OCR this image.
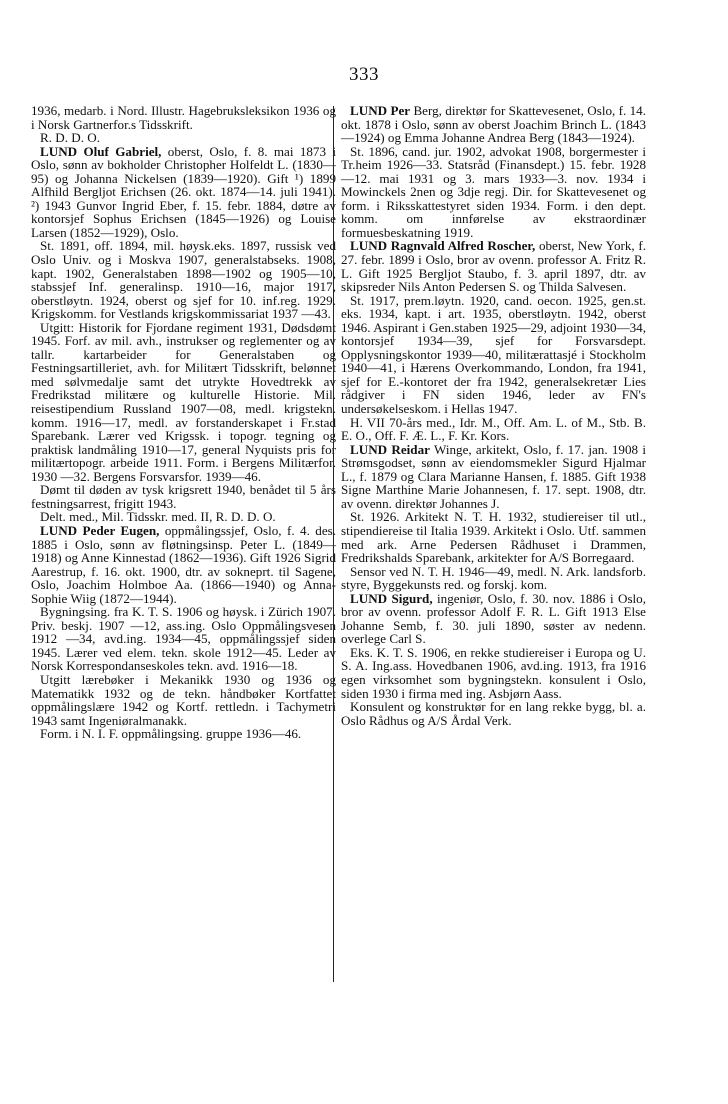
333

1936, medarb. i Nord. Illustr. Hagebruksleksikon 1936 og i Norsk Gartnerfor.s Tidsskrift.

R. D. D. O.

LUND Oluf Gabriel, oberst, Oslo, f. 8. mai 1873 i Oslo, sønn av bokholder Christopher Holfeldt L. (1830—95) og Johanna Nickelsen (1839—1920). Gift ¹) 1899 Alfhild Bergljot Erichsen (26. okt. 1874—14. juli 1941). ²) 1943 Gunvor Ingrid Eber, f. 15. febr. 1884, døtre av kontorsjef Sophus Erichsen (1845—1926) og Louise Larsen (1852—1929), Oslo.

St. 1891, off. 1894, mil. høysk.eks. 1897, russisk ved Oslo Univ. og i Moskva 1907, generalstabseks. 1908, kapt. 1902, Generalstaben 1898—1902 og 1905—10, stabssjef Inf. generalinsp. 1910—16, major 1917, oberstløytn. 1924, oberst og sjef for 10. inf.reg. 1929. Krigskomm. for Vestlands krigskommissariat 1937 —43.

Utgitt: Historik for Fjordane regiment 1931, Dødsdømt 1945. Forf. av mil. avh., instrukser og reglementer og av tallr. kartarbeider for Generalstaben og Festningsartilleriet, avh. for Militært Tidsskrift, belønnet med sølvmedalje samt det utrykte Hovedtrekk av Fredrikstad militære og kulturelle Historie. Mil. reisestipendium Russland 1907—08, medl. krigstekn. komm. 1916—17, medl. av forstanderskapet i Fr.stad Sparebank. Lærer ved Krigssk. i topogr. tegning og praktisk landmåling 1910—17, general Nyquists pris for militærtopogr. arbeide 1911. Form. i Bergens Militærfor. 1930 —32. Bergens Forsvarsfor. 1939—46.

Dømt til døden av tysk krigsrett 1940, benådet til 5 års festningsarrest, frigitt 1943.

Delt. med., Mil. Tidsskr. med. II, R. D. D. O.

LUND Peder Eugen, oppmålingssjef, Oslo, f. 4. des. 1885 i Oslo, sønn av fløtningsinsp. Peter L. (1849—1918) og Anne Kinnestad (1862—1936). Gift 1926 Sigrid Aarestrup, f. 16. okt. 1900, dtr. av sokneprt. til Sagene, Oslo, Joachim Holmboe Aa. (1866—1940) og Anna-Sophie Wiig (1872—1944).

Bygningsing. fra K. T. S. 1906 og høysk. i Zürich 1907. Priv. beskj. 1907 —12, ass.ing. Oslo Oppmålingsvesen 1912 —34, avd.ing. 1934—45, oppmålingssjef siden 1945. Lærer ved elem. tekn. skole 1912—45. Leder av Norsk Korrespondanseskoles tekn. avd. 1916—18.

Utgitt lærebøker i Mekanikk 1930 og 1936 og Matematikk 1932 og de tekn. håndbøker Kortfattet oppmålingslære 1942 og Kortf. rettledn. i Tachymetri 1943 samt Ingeniøralmanakk.

Form. i N. I. F. oppmålingsing. gruppe 1936—46.

LUND Per Berg, direktør for Skattevesenet, Oslo, f. 14. okt. 1878 i Oslo, sønn av oberst Joachim Brinch L. (1843—1924) og Emma Johanne Andrea Berg (1843—1924).

St. 1896, cand. jur. 1902, advokat 1908, borgermester i Tr.heim 1926—33. Statsråd (Finansdept.) 15. febr. 1928—12. mai 1931 og 3. mars 1933—3. nov. 1934 i Mowinckels 2nen og 3dje regj. Dir. for Skattevesenet og form. i Riksskattestyret siden 1934. Form. i den dept. komm. om innførelse av ekstraordinær formuesbeskatning 1919.

LUND Ragnvald Alfred Roscher, oberst, New York, f. 27. febr. 1899 i Oslo, bror av ovenn. professor A. Fritz R. L. Gift 1925 Bergljot Staubo, f. 3. april 1897, dtr. av skipsreder Nils Anton Pedersen S. og Thilda Salvesen.

St. 1917, prem.løytn. 1920, cand. oecon. 1925, gen.st. eks. 1934, kapt. i art. 1935, oberstløytn. 1942, oberst 1946. Aspirant i Gen.staben 1925—29, adjoint 1930—34, kontorsjef 1934—39, sjef for Forsvarsdept. Opplysningskontor 1939—40, militærattasjé i Stockholm 1940—41, i Hærens Overkommando, London, fra 1941, sjef for E.-kontoret der fra 1942, generalsekretær Lies rådgiver i FN siden 1946, leder av FN's undersøkelseskom. i Hellas 1947.

H. VII 70-års med., Idr. M., Off. Am. L. of M., Stb. B. E. O., Off. F. Æ. L., F. Kr. Kors.

LUND Reidar Winge, arkitekt, Oslo, f. 17. jan. 1908 i Strømsgodset, sønn av eiendomsmekler Sigurd Hjalmar L., f. 1879 og Clara Marianne Hansen, f. 1885. Gift 1938 Signe Marthine Marie Johannesen, f. 17. sept. 1908, dtr. av ovenn. direktør Johannes J.

St. 1926. Arkitekt N. T. H. 1932, studiereiser til utl., stipendiereise til Italia 1939. Arkitekt i Oslo. Utf. sammen med ark. Arne Pedersen Rådhuset i Drammen, Fredrikshalds Sparebank, arkitekter for A/S Borregaard.

Sensor ved N. T. H. 1946—49, medl. N. Ark. landsforb. styre, Byggekunsts red. og forskj. kom.

LUND Sigurd, ingeniør, Oslo, f. 30. nov. 1886 i Oslo, bror av ovenn. professor Adolf F. R. L. Gift 1913 Else Johanne Semb, f. 30. juli 1890, søster av nedenn. overlege Carl S.

Eks. K. T. S. 1906, en rekke studiereiser i Europa og U. S. A. Ing.ass. Hovedbanen 1906, avd.ing. 1913, fra 1916 egen virksomhet som bygningstekn. konsulent i Oslo, siden 1930 i firma med ing. Asbjørn Aass.

Konsulent og konstruktør for en lang rekke bygg, bl. a. Oslo Rådhus og A/S Årdal Verk.
